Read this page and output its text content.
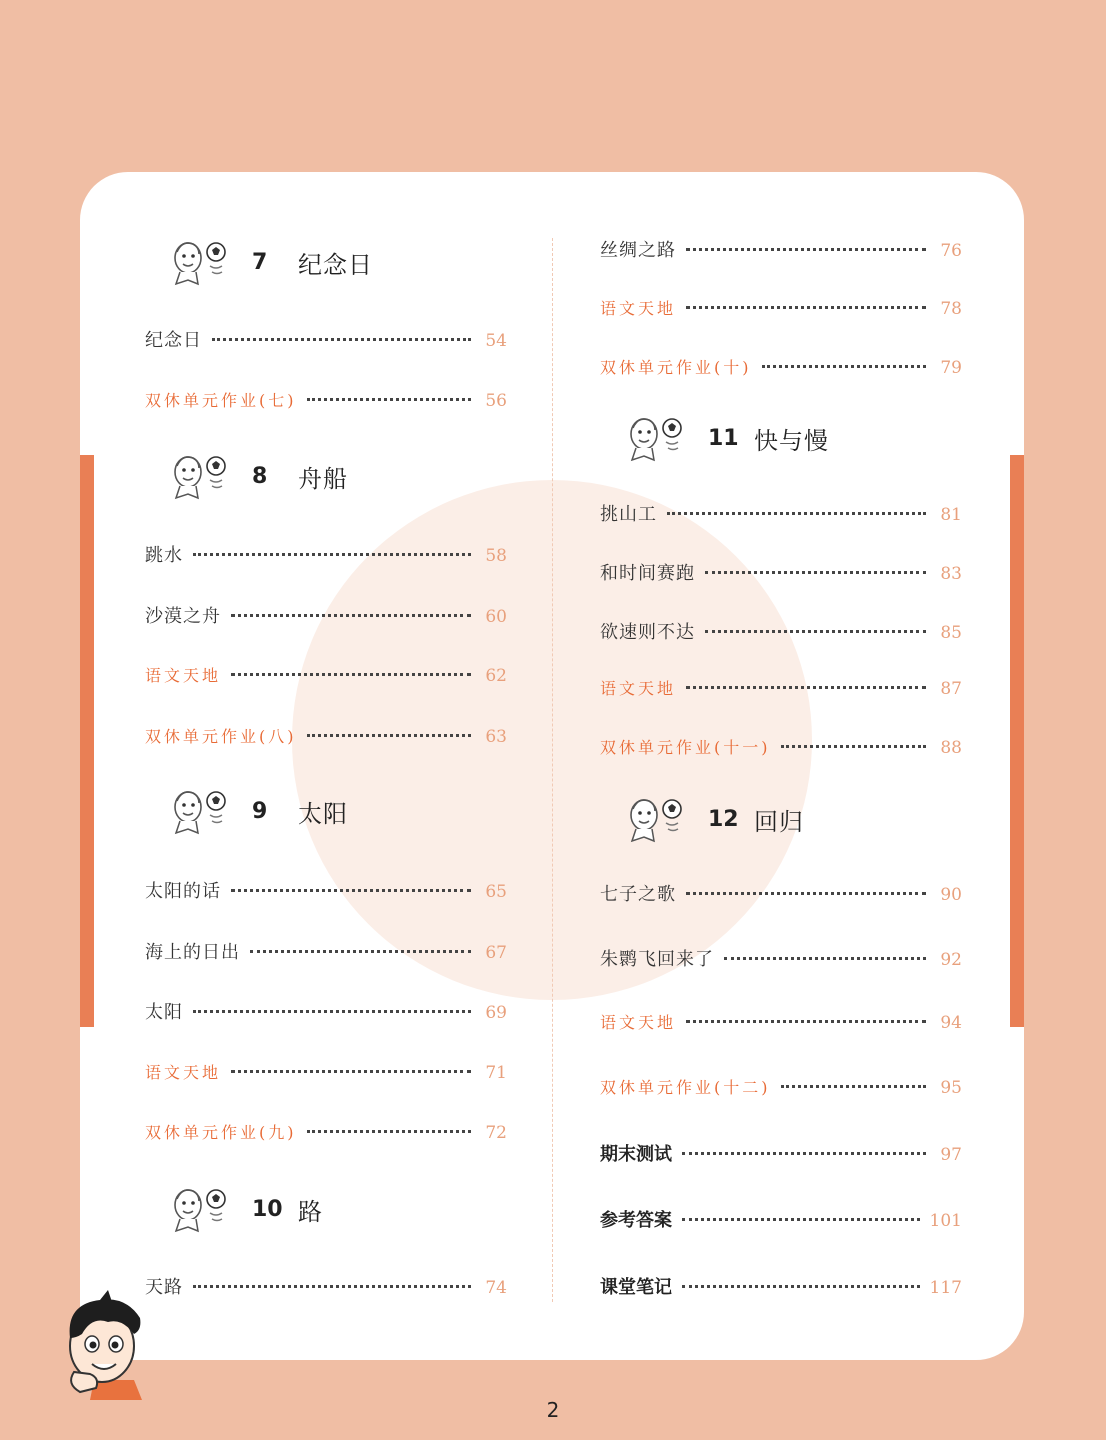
7	纪念日
纪念日	54
双休单元作业(七)	56
8	舟船
跳水	58
沙漠之舟	60
语文天地	62
双休单元作业(八)	63
9	太阳
太阳的话	65
海上的日出	67
太阳	69
语文天地	71
双休单元作业(九)	72
10 路
天路	74
丝绸之路	76
语文天地	78
双休单元作业(十)	79
11 快与慢
挑山工	81
和时间赛跑	83
欲速则不达	85
语文天地	87
双休单元作业(十一)	88
12 回归
七子之歌	90
朱鹮飞回来了	92
语文天地	94
双休单元作业(十二)	95
期末测试	97
参考答案	101
课堂笔记	117
2
